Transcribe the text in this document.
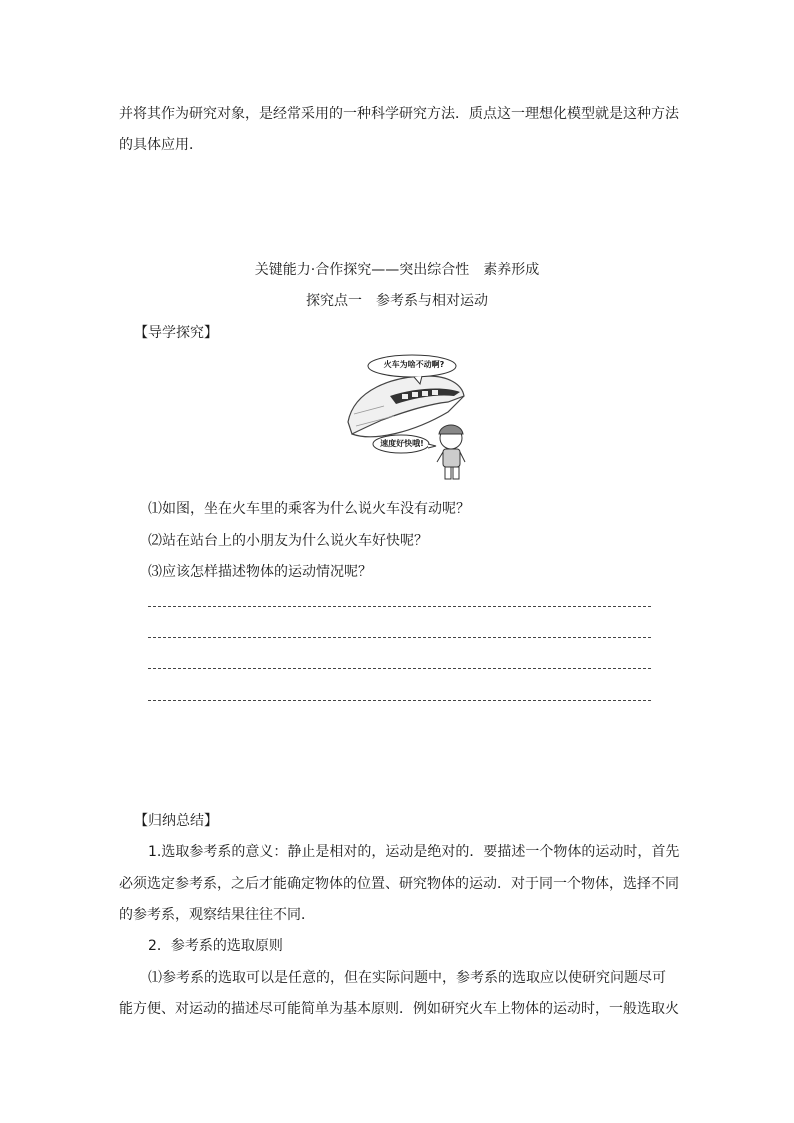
并将其作为研究对象，是经常采用的一种科学研究方法．质点这一理想化模型就是这种方法
的具体应用．
关键能力·合作探究——突出综合性　素养形成
探究点一　参考系与相对运动
【导学探究】
火车为啥不动啊?
速度好快哦!
⑴如图，坐在火车里的乘客为什么说火车没有动呢？
⑵站在站台上的小朋友为什么说火车好快呢？
⑶应该怎样描述物体的运动情况呢？
【归纳总结】
1.选取参考系的意义：静止是相对的，运动是绝对的．要描述一个物体的运动时，首先
必须选定参考系，之后才能确定物体的位置、研究物体的运动．对于同一个物体，选择不同
的参考系，观察结果往往不同．
2．参考系的选取原则
⑴参考系的选取可以是任意的，但在实际问题中，参考系的选取应以使研究问题尽可
能方便、对运动的描述尽可能简单为基本原则．例如研究火车上物体的运动时，一般选取火
